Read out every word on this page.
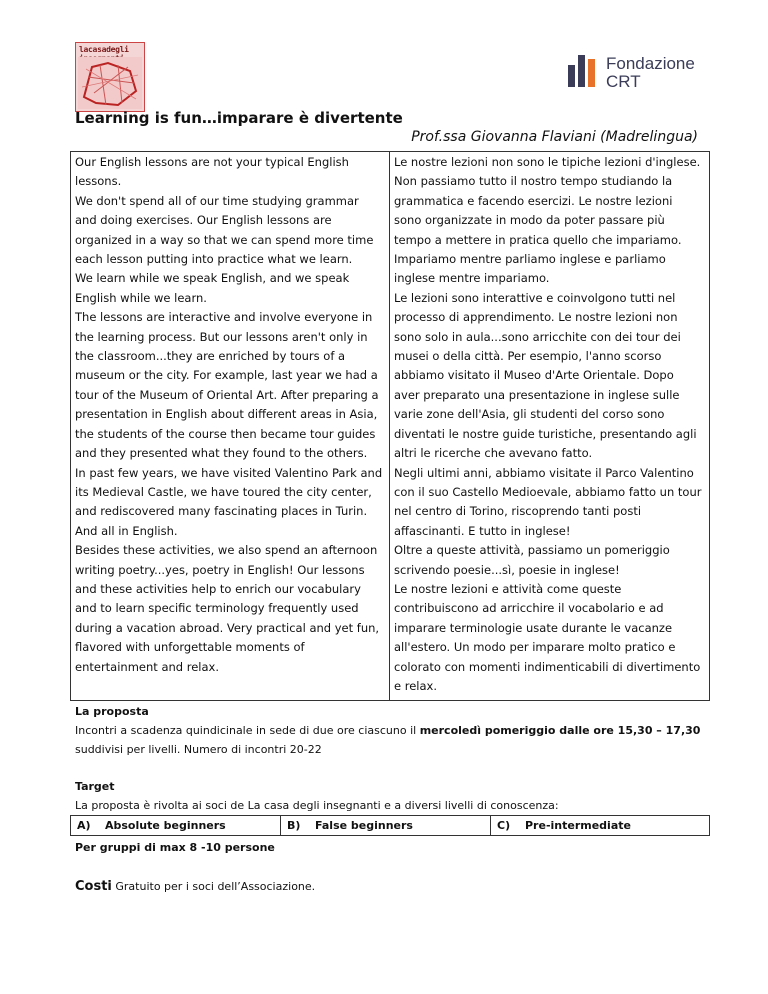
lacasadegli
Fondazione
CRT
Learning is fun…imparare è divertente
Prof.ssa Giovanna Flaviani (Madrelingua)
Our English lessons are not your typical English lessons.
We don't spend all of our time studying grammar and doing exercises. Our English lessons are organized in a way so that we can spend more time each lesson putting into practice what we learn.
We learn while we speak English, and we speak English while we learn.
The lessons are interactive and involve everyone in the learning process. But our lessons aren't only in the classroom...they are enriched by tours of a museum or the city. For example, last year we had a tour of the Museum of Oriental Art. After preparing a presentation in English about different areas in Asia, the students of the course then became tour guides and they presented what they found to the others.
In past few years, we have visited Valentino Park and its Medieval Castle, we have toured the city center, and rediscovered many fascinating places in Turin. And all in English.
Besides these activities, we also spend an afternoon writing poetry...yes, poetry in English! Our lessons and these activities help to enrich our vocabulary and to learn specific terminology frequently used during a vacation abroad. Very practical and yet fun, flavored with unforgettable moments of entertainment and relax.
Le nostre lezioni non sono le tipiche lezioni d'inglese.
Non passiamo tutto il nostro tempo studiando la grammatica e facendo esercizi. Le nostre lezioni sono organizzate in modo da poter passare più tempo a mettere in pratica quello che impariamo. Impariamo mentre parliamo inglese e parliamo inglese mentre impariamo.
Le lezioni sono interattive e coinvolgono tutti nel processo di apprendimento. Le nostre lezioni non sono solo in aula...sono arricchite con dei tour dei musei o della città. Per esempio, l'anno scorso abbiamo visitato il Museo d'Arte Orientale. Dopo aver preparato una presentazione in inglese sulle varie zone dell'Asia, gli studenti del corso sono diventati le nostre guide turistiche, presentando agli altri le ricerche che avevano fatto.
Negli ultimi anni, abbiamo visitate il Parco Valentino con il suo Castello Medioevale, abbiamo fatto un tour nel centro di Torino, riscoprendo tanti posti affascinanti. E tutto in inglese!
Oltre a queste attività, passiamo un pomeriggio scrivendo poesie...sì, poesie in inglese!
Le nostre lezioni e attività come queste contribuiscono ad arricchire il vocabolario e ad imparare terminologie usate durante le vacanze all'estero. Un modo per imparare molto pratico e colorato con momenti indimenticabili di divertimento e relax.
La proposta
Incontri a scadenza quindicinale in sede di due ore ciascuno il mercoledì pomeriggio dalle ore 15,30 – 17,30 suddivisi per livelli. Numero di incontri 20-22
Target
La proposta è rivolta ai soci de La casa degli insegnanti e a diversi livelli di conoscenza:
A)	Absolute beginners	B)	False beginners	C)	Pre-intermediate
Per gruppi di max 8 -10 persone
Costi Gratuito per i soci dell’Associazione.
